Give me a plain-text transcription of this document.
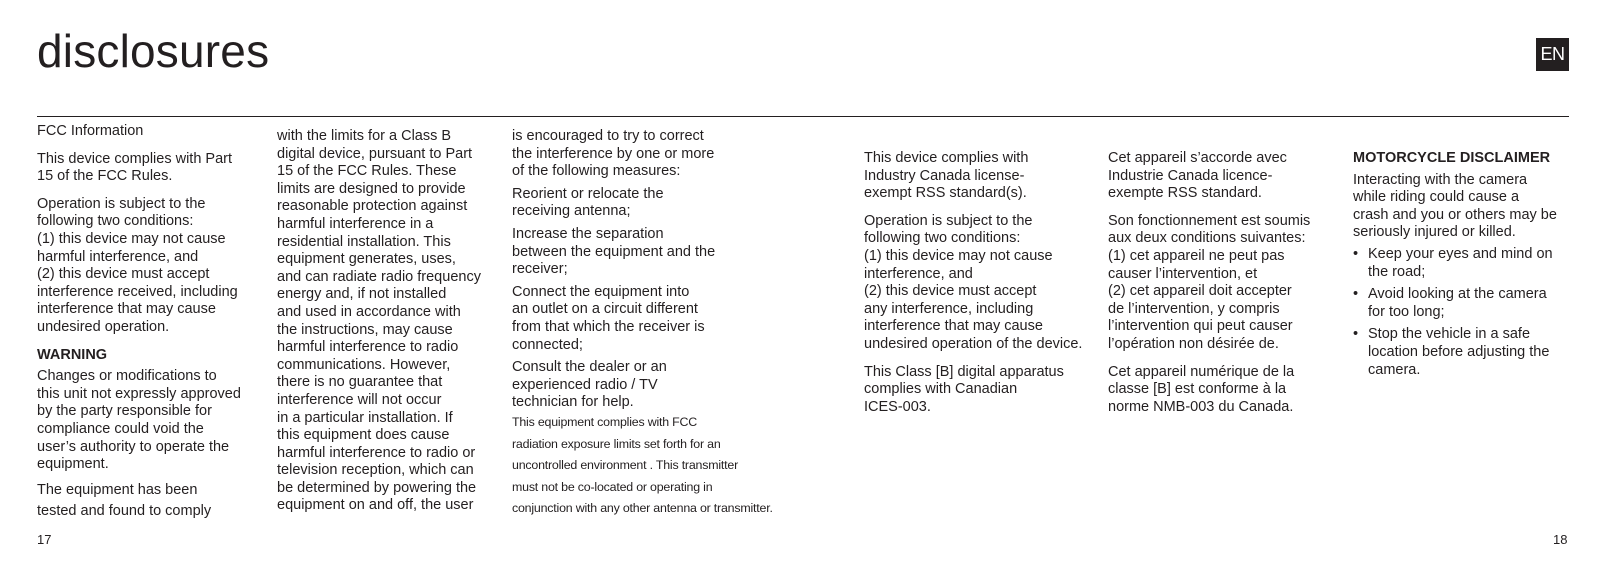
disclosures	EN

FCC Information

This device complies with Part
15 of the FCC Rules.

Operation is subject to the
following two conditions:
(1) this device may not cause
harmful interference, and
(2) this device must accept
interference received, including
interference that may cause
undesired operation.

WARNING

Changes or modifications to
this unit not expressly approved
by the party responsible for
compliance could void the
user’s authority to operate the
equipment.

The equipment has been
tested and found to comply

with the limits for a Class B
digital device, pursuant to Part
15 of the FCC Rules. These
limits are designed to provide
reasonable protection against
harmful interference in a
residential installation. This
equipment generates, uses,
and can radiate radio frequency
energy and, if not installed
and used in accordance with
the instructions, may cause
harmful interference to radio
communications. However,
there is no guarantee that
interference will not occur
in a particular installation. If
this equipment does cause
harmful interference to radio or
television reception, which can
be determined by powering the
equipment on and off, the user

is encouraged to try to correct
the interference by one or more
of the following measures:

Reorient or relocate the
receiving antenna;

Increase the separation
between the equipment and the
receiver;

Connect the equipment into
an outlet on a circuit different
from that which the receiver is
connected;

Consult the dealer or an
experienced radio / TV
technician for help.

This equipment complies with FCC
radiation exposure limits set forth for an
uncontrolled environment . This transmitter
must not be co-located or operating in
conjunction with any other antenna or transmitter.

This device complies with
Industry Canada license-
exempt RSS standard(s).

Operation is subject to the
following two conditions:
(1) this device may not cause
interference, and
(2) this device must accept
any interference, including
interference that may cause
undesired operation of the device.

This Class [B] digital apparatus
complies with Canadian
ICES-003.

Cet appareil s’accorde avec
Industrie Canada licence-
exempte RSS standard.

Son fonctionnement est soumis
aux deux conditions suivantes:
(1) cet appareil ne peut pas
causer l’intervention, et
(2) cet appareil doit accepter
de l’intervention, y compris
l’intervention qui peut causer
l’opération non désirée de.

Cet appareil numérique de la
classe [B] est conforme à la
norme NMB-003 du Canada.

MOTORCYCLE DISCLAIMER

Interacting with the camera
while riding could cause a
crash and you or others may be
seriously injured or killed.

• Keep your eyes and mind on
the road;
• Avoid looking at the camera
for too long;
• Stop the vehicle in a safe
location before adjusting the
camera.
17	18
